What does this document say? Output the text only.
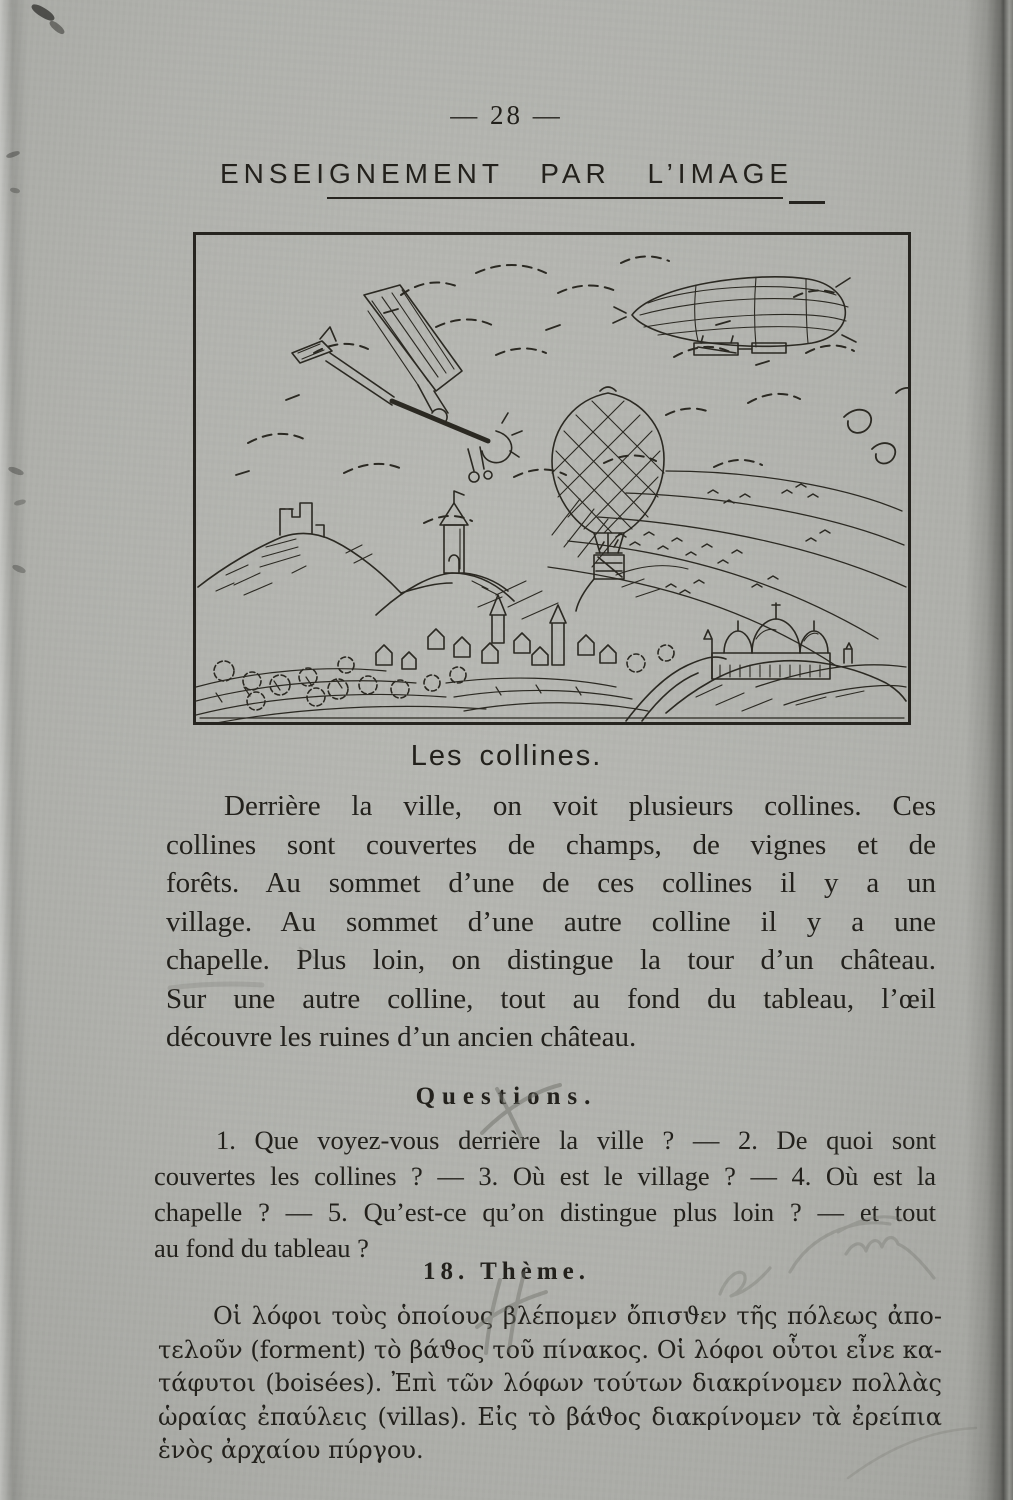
— 28 —
ENSEIGNEMENT PAR L’IMAGE
Les collines.
Derrière la ville, on voit plusieurs collines. Ces
collines sont couvertes de champs, de vignes et de
forêts. Au sommet d’une de ces collines il y a un
village. Au sommet d’une autre colline il y a une
chapelle. Plus loin, on distingue la tour d’un château.
Sur une autre colline, tout au fond du tableau, l’œil
découvre les ruines d’un ancien château.
Questions.
1. Que voyez-vous derrière la ville ? — 2. De quoi sont
couvertes les collines ? — 3. Où est le village ? — 4. Où est la
chapelle ? — 5. Qu’est-ce qu’on distingue plus loin ? — et tout
au fond du tableau ?
18. Thème.
Οἱ λόφοι τοὺς ὁποίους βλέπομεν ὄπισϑεν τῆς πόλεως ἀπο-
τελοῦν (forment) τὸ βάϑος τοῦ πίνακος. Οἱ λόφοι οὗτοι εἶνε κα-
τάφυτοι (boisées). Ἐπὶ τῶν λόφων τούτων διακρίνομεν πολλὰς
ὡραίας ἐπαύλεις (villas). Εἰς τὸ βάϑος διακρίνομεν τὰ ἐρείπια
ἑνὸς ἀρχαίου πύργου.
